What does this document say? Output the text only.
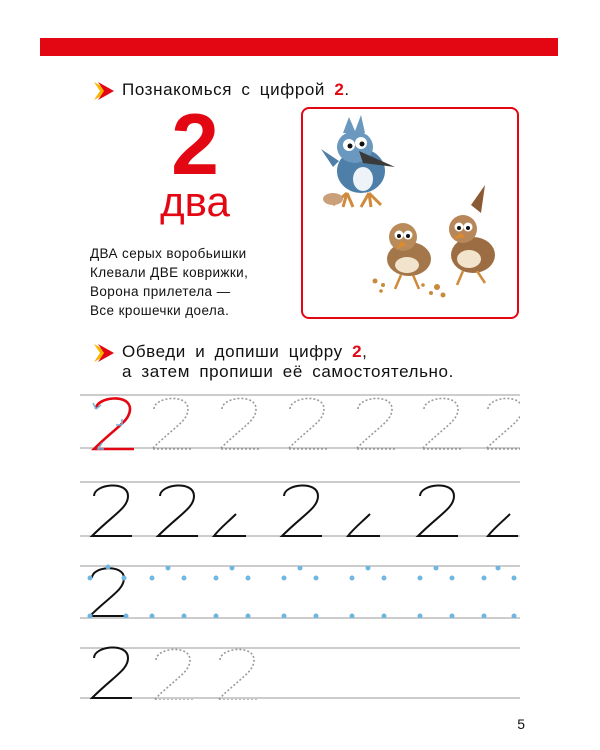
Познакомься с цифрой 2.
2
два
ДВА серых воробьишки
Клевали ДВЕ коврижки,
Ворона прилетела —
Все крошечки доела.
Обведи и допиши цифру 2,
а затем пропиши её самостоятельно.
5
